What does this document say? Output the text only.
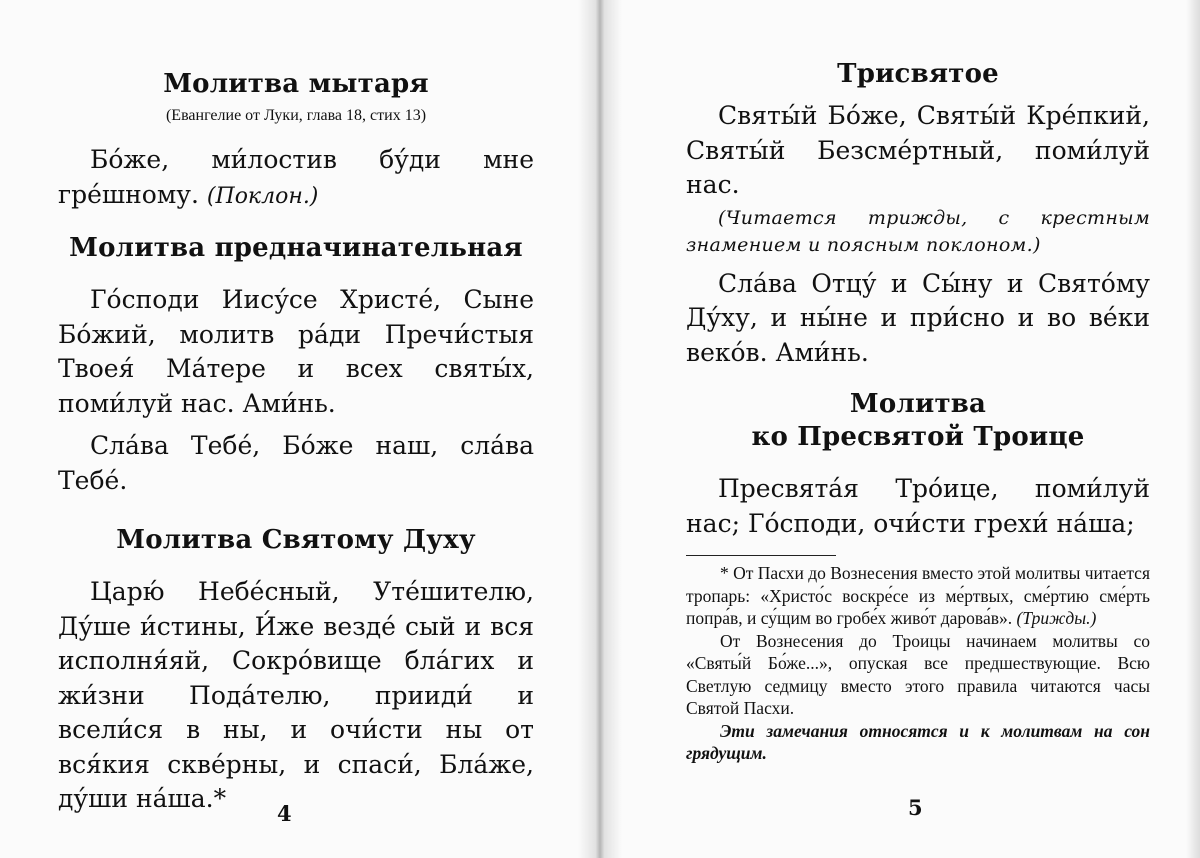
Молитва мытаря
(Евангелие от Луки, глава 18, стих 13)

Бо́же, ми́лостив бу́ди мне гре́шному. (Поклон.)

Молитва предначинательная

Го́споди Иису́се Христе́, Сыне Бо́жий, молитв ра́ди Пречи́стыя Твоея́ Ма́тере и всех святы́х, поми́луй нас. Ами́нь.

Сла́ва Тебе́, Бо́же наш, сла́ва Тебе́.

Молитва Святому Духу

Царю́ Небе́сный, Уте́шителю, Ду́ше и́стины, И́же везде́ сый и вся исполня́яй, Сокро́вище бла́гих и жи́зни Пода́телю, прииди́ и всели́ся в ны, и очи́сти ны от вся́кия скве́рны, и спаси́, Бла́же, ду́ши на́ша.*

4
Трисвятое

Святы́й Бо́же, Святы́й Кре́пкий, Святы́й Безсме́ртный, поми́луй нас.

(Читается трижды, с крестным знамением и поясным поклоном.)

Сла́ва Отцу́ и Сы́ну и Свято́му Ду́ху, и ны́не и при́сно и во ве́ки веко́в. Ами́нь.

Молитва
ко Пресвятой Троице

Пресвята́я Тро́ице, поми́луй нас; Го́споди, очи́сти грехи́ на́ша;

* От Пасхи до Вознесения вместо этой молитвы читается тропарь: «Христо́с воскре́се из ме́ртвых, сме́ртию сме́рть попра́в, и су́щим во гробе́х живо́т дарова́в». (Трижды.)

От Вознесения до Троицы начинаем молитвы со «Святы́й Бо́же...», опуская все предшествующие. Всю Светлую седмицу вместо этого правила читаются часы Святой Пасхи.

Эти замечания относятся и к молитвам на сон грядущим.

5
